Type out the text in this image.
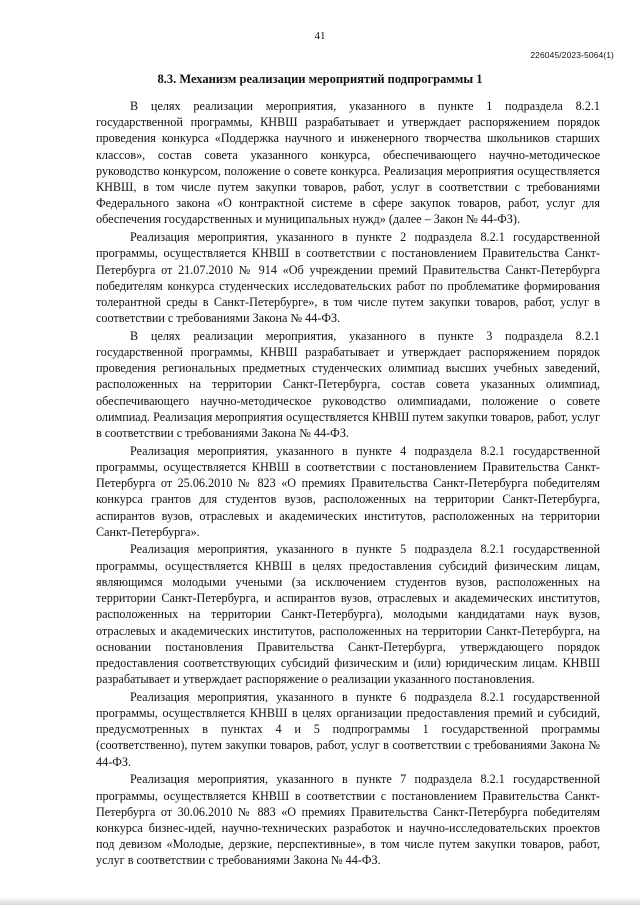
41
226045/2023-5064(1)
8.3. Механизм реализации мероприятий подпрограммы 1

В целях реализации мероприятия, указанного в пункте 1 подраздела 8.2.1 государственной программы, КНВШ разрабатывает и утверждает распоряжением порядок проведения конкурса «Поддержка научного и инженерного творчества школьников старших классов», состав совета указанного конкурса, обеспечивающего научно-методическое руководство конкурсом, положение о совете конкурса. Реализация мероприятия осуществляется КНВШ, в том числе путем закупки товаров, работ, услуг в соответствии с требованиями Федерального закона «О контрактной системе в сфере закупок товаров, работ, услуг для обеспечения государственных и муниципальных нужд» (далее – Закон № 44-ФЗ).

Реализация мероприятия, указанного в пункте 2 подраздела 8.2.1 государственной программы, осуществляется КНВШ в соответствии с постановлением Правительства Санкт-Петербурга от 21.07.2010 № 914 «Об учреждении премий Правительства Санкт-Петербурга победителям конкурса студенческих исследовательских работ по проблематике формирования толерантной среды в Санкт-Петербурге», в том числе путем закупки товаров, работ, услуг в соответствии с требованиями Закона № 44-ФЗ.

В целях реализации мероприятия, указанного в пункте 3 подраздела 8.2.1 государственной программы, КНВШ разрабатывает и утверждает распоряжением порядок проведения региональных предметных студенческих олимпиад высших учебных заведений, расположенных на территории Санкт-Петербурга, состав совета указанных олимпиад, обеспечивающего научно-методическое руководство олимпиадами, положение о совете олимпиад. Реализация мероприятия осуществляется КНВШ путем закупки товаров, работ, услуг в соответствии с требованиями Закона № 44-ФЗ.

Реализация мероприятия, указанного в пункте 4 подраздела 8.2.1 государственной программы, осуществляется КНВШ в соответствии с постановлением Правительства Санкт-Петербурга от 25.06.2010 № 823 «О премиях Правительства Санкт-Петербурга победителям конкурса грантов для студентов вузов, расположенных на территории Санкт-Петербурга, аспирантов вузов, отраслевых и академических институтов, расположенных на территории Санкт-Петербурга».

Реализация мероприятия, указанного в пункте 5 подраздела 8.2.1 государственной программы, осуществляется КНВШ в целях предоставления субсидий физическим лицам, являющимся молодыми учеными (за исключением студентов вузов, расположенных на территории Санкт-Петербурга, и аспирантов вузов, отраслевых и академических институтов, расположенных на территории Санкт-Петербурга), молодыми кандидатами наук вузов, отраслевых и академических институтов, расположенных на территории Санкт-Петербурга, на основании постановления Правительства Санкт-Петербурга, утверждающего порядок предоставления соответствующих субсидий физическим и (или) юридическим лицам. КНВШ разрабатывает и утверждает распоряжение о реализации указанного постановления.

Реализация мероприятия, указанного в пункте 6 подраздела 8.2.1 государственной программы, осуществляется КНВШ в целях организации предоставления премий и субсидий, предусмотренных в пунктах 4 и 5 подпрограммы 1 государственной программы (соответственно), путем закупки товаров, работ, услуг в соответствии с требованиями Закона № 44-ФЗ.

Реализация мероприятия, указанного в пункте 7 подраздела 8.2.1 государственной программы, осуществляется КНВШ в соответствии с постановлением Правительства Санкт-Петербурга от 30.06.2010 № 883 «О премиях Правительства Санкт-Петербурга победителям конкурса бизнес-идей, научно-технических разработок и научно-исследовательских проектов под девизом «Молодые, дерзкие, перспективные», в том числе путем закупки товаров, работ, услуг в соответствии с требованиями Закона № 44-ФЗ.
